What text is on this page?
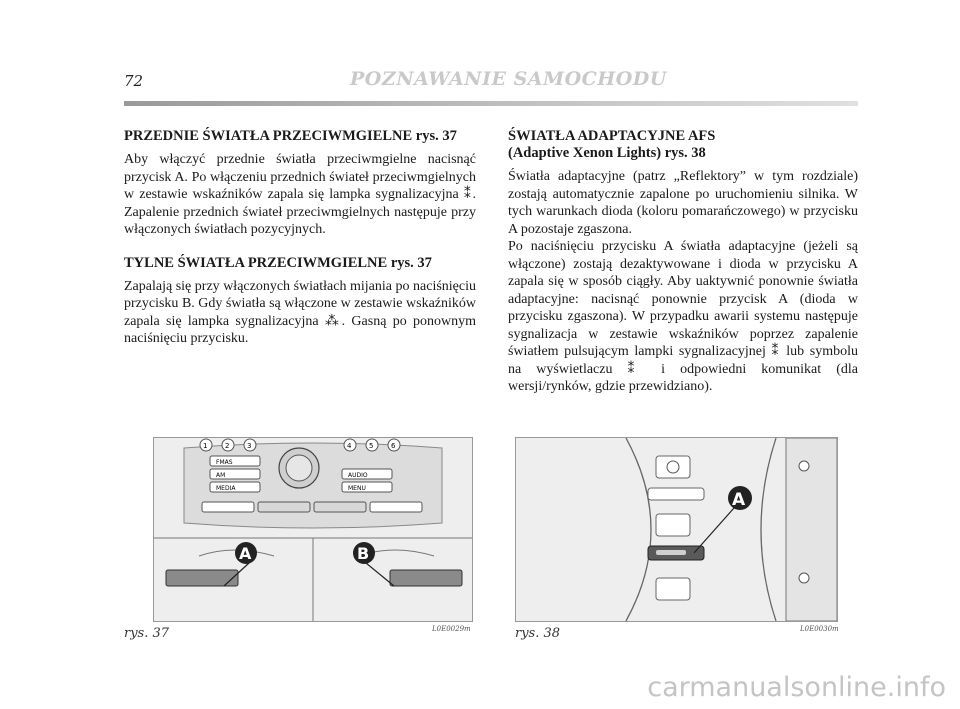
72	POZNAWANIE SAMOCHODU
PRZEDNIE ŚWIATŁA PRZECIWMGIELNE rys. 37

Aby włączyć przednie światła przeciwmgielne nacisnąć przycisk A. Po włączeniu przednich świateł przeciwmgielnych w zestawie wskaźników zapala się lampka sygnalizacyjna ⁑. Zapalenie przednich świateł przeciwmgielnych następuje przy włączonych światłach pozycyjnych.

TYLNE ŚWIATŁA PRZECIWMGIELNE rys. 37

Zapalają się przy włączonych światłach mijania po naciśnięciu przycisku B. Gdy światła są włączone w zestawie wskaźników zapala się lampka sygnalizacyjna ⁂. Gasną po ponownym naciśnięciu przycisku.

ŚWIATŁA ADAPTACYJNE AFS
(Adaptive Xenon Lights) rys. 38

Światła adaptacyjne (patrz „Reflektory” w tym rozdziale) zostają automatycznie zapalone po uruchomieniu silnika. W tych warunkach dioda (koloru pomarańczowego) w przycisku A pozostaje zgaszona.

Po naciśnięciu przycisku A światła adaptacyjne (jeżeli są włączone) zostają dezaktywowane i dioda w przycisku A zapala się w sposób ciągły. Aby uaktywnić ponownie światła adaptacyjne: nacisnąć ponownie przycisk A (dioda w przycisku zgaszona). W przypadku awarii systemu następuje sygnalizacja w zestawie wskaźników poprzez zapalenie światłem pulsującym lampki sygnalizacyjnej ⁑ lub symbolu na wyświetlaczu ⁑ i odpowiedni komunikat (dla wersji/rynków, gdzie przewidziano).

1	2	3	4	5	6
FMAS
AM
MEDIA
AUDIO
MENU
A	B
rys. 37	L0E0029m
A
rys. 38	L0E0030m
carmanualsonline.info
